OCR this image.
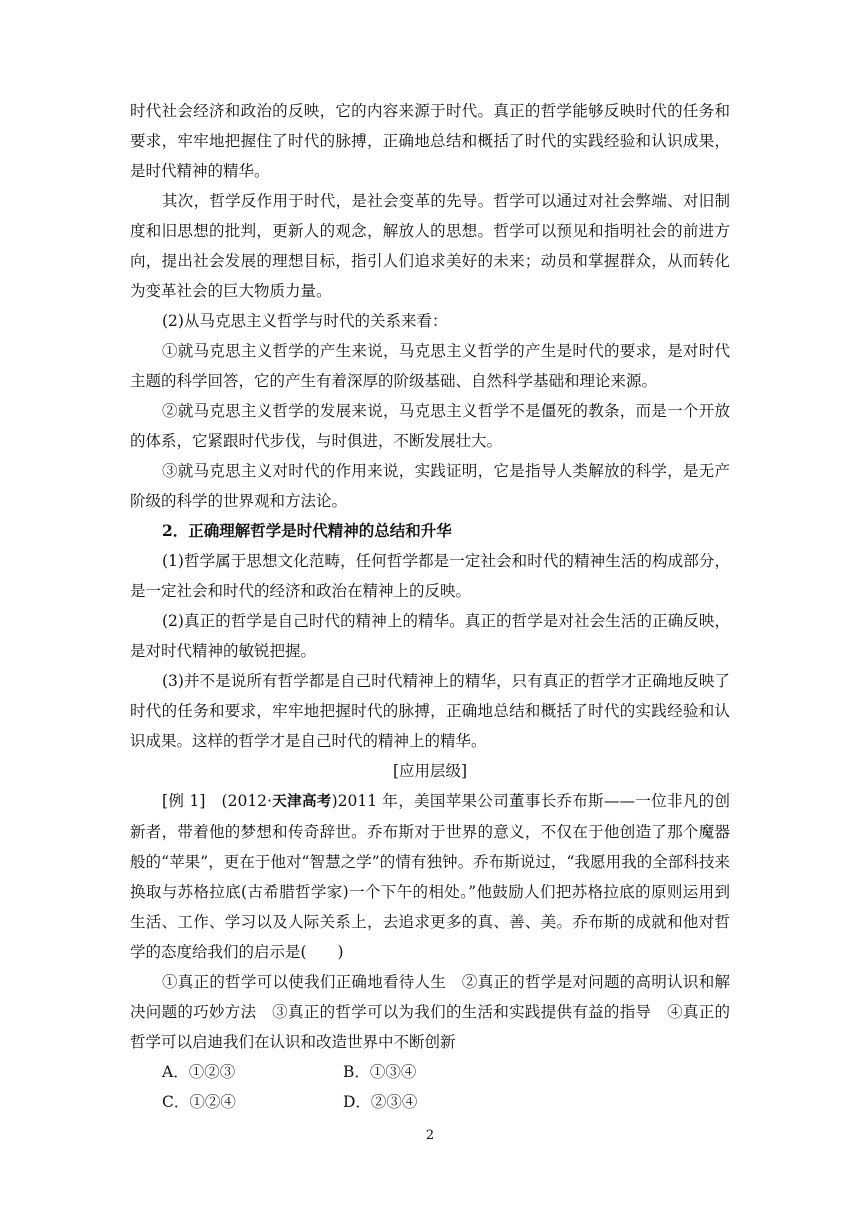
时代社会经济和政治的反映，它的内容来源于时代。真正的哲学能够反映时代的任务和要求，牢牢地把握住了时代的脉搏，正确地总结和概括了时代的实践经验和认识成果，是时代精神的精华。

其次，哲学反作用于时代，是社会变革的先导。哲学可以通过对社会弊端、对旧制度和旧思想的批判，更新人的观念，解放人的思想。哲学可以预见和指明社会的前进方向，提出社会发展的理想目标，指引人们追求美好的未来；动员和掌握群众，从而转化为变革社会的巨大物质力量。

(2)从马克思主义哲学与时代的关系来看：

①就马克思主义哲学的产生来说，马克思主义哲学的产生是时代的要求，是对时代主题的科学回答，它的产生有着深厚的阶级基础、自然科学基础和理论来源。

②就马克思主义哲学的发展来说，马克思主义哲学不是僵死的教条，而是一个开放的体系，它紧跟时代步伐，与时俱进，不断发展壮大。

③就马克思主义对时代的作用来说，实践证明，它是指导人类解放的科学，是无产阶级的科学的世界观和方法论。

2．正确理解哲学是时代精神的总结和升华

(1)哲学属于思想文化范畴，任何哲学都是一定社会和时代的精神生活的构成部分，是一定社会和时代的经济和政治在精神上的反映。

(2)真正的哲学是自己时代的精神上的精华。真正的哲学是对社会生活的正确反映，是对时代精神的敏锐把握。

(3)并不是说所有哲学都是自己时代精神上的精华，只有真正的哲学才正确地反映了时代的任务和要求，牢牢地把握时代的脉搏，正确地总结和概括了时代的实践经验和认识成果。这样的哲学才是自己时代的精神上的精华。

[应用层级]

[例 1]　 (2012·天津高考)2011 年，美国苹果公司董事长乔布斯——一位非凡的创新者，带着他的梦想和传奇辞世。乔布斯对于世界的意义，不仅在于他创造了那个魔器般的“苹果”，更在于他对“智慧之学”的情有独钟。乔布斯说过，“我愿用我的全部科技来换取与苏格拉底(古希腊哲学家)一个下午的相处。”他鼓励人们把苏格拉底的原则运用到生活、工作、学习以及人际关系上，去追求更多的真、善、美。乔布斯的成就和他对哲学的态度给我们的启示是(　　)

①真正的哲学可以使我们正确地看待人生　②真正的哲学是对问题的高明认识和解决问题的巧妙方法　③真正的哲学可以为我们的生活和实践提供有益的指导　④真正的哲学可以启迪我们在认识和改造世界中不断创新

A．①②③	B．①③④
C．①②④	D．②③④
2
